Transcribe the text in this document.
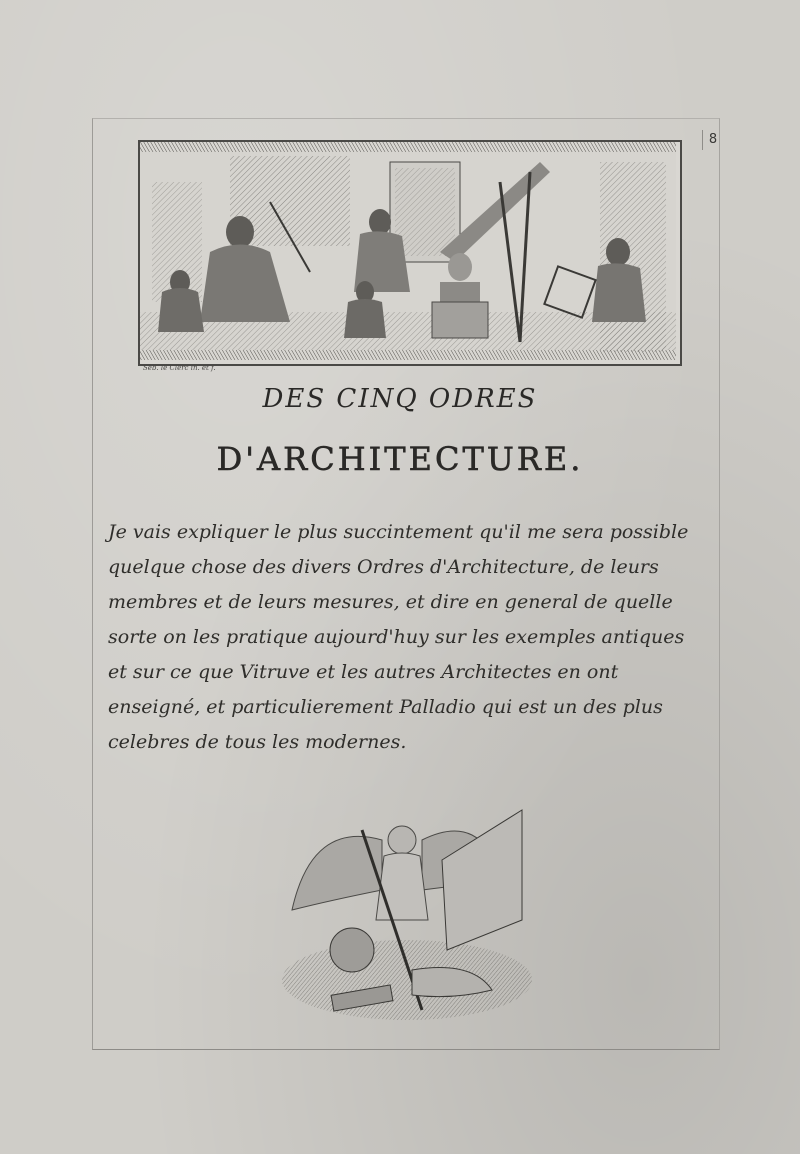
8
Seb. le Clerc in. et f.
DES CINQ ODRES
D'ARCHITECTURE.
Je vais expliquer le plus succintement qu'il me sera possible quelque chose des divers Ordres d'Architecture, de leurs membres et de leurs mesures, et dire en general de quelle sorte on les pratique aujourd'huy sur les exemples antiques et sur ce que Vitruve et les autres Architectes en ont enseigné, et particulierement Palladio qui est un des plus celebres de tous les modernes.
